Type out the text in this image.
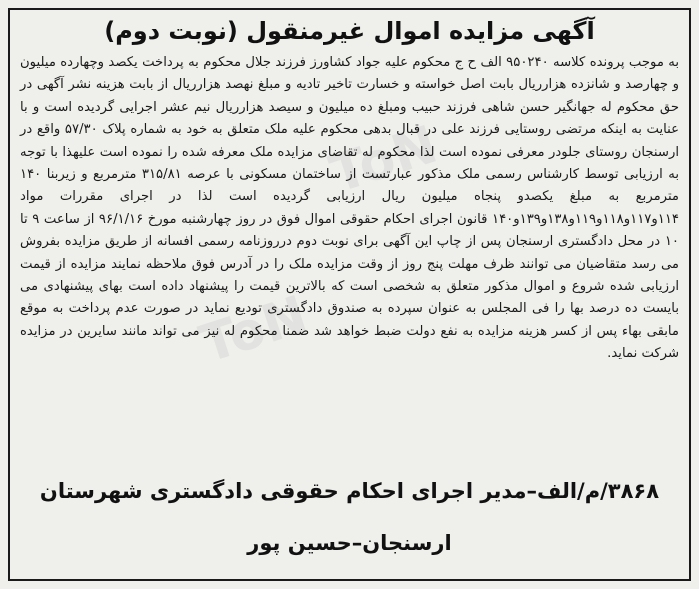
ToN
ToN
آگهی مزایده اموال غیرمنقول (نوبت دوم)

به موجب پرونده کلاسه ۹۵۰۲۴۰ الف ح ج محکوم علیه جواد کشاورز فرزند جلال محکوم به پرداخت یکصد وچهارده میلیون و چهارصد و شانزده هزارریال بابت اصل خواسته و خسارت تاخیر تادیه و مبلغ نهصد هزارریال از بابت هزینه نشر آگهی در حق محکوم له جهانگیر حسن شاهی فرزند حبیب ومبلغ ده میلیون و سیصد هزارریال نیم عشر اجرایی گردیده است و با عنایت به اینکه مرتضی روستایی فرزند علی در قبال بدهی محکوم علیه ملک متعلق به خود به شماره پلاک ۵۷/۳۰ واقع در ارسنجان روستای جلودر معرفی نموده است لذا محکوم له تقاضای مزایده ملک معرفه شده را نموده است علیهذا با توجه به ارزیابی توسط کارشناس رسمی ملک مذکور عبارتست از ساختمان مسکونی با عرصه ۳۱۵/۸۱ مترمربع و زیربنا ۱۴۰ مترمربع به مبلغ یکصدو پنجاه میلیون ریال ارزیابی گردیده است لذا در اجرای مقررات مواد ۱۱۴و۱۱۷و۱۱۸و۱۱۹و۱۳۸و۱۳۹و۱۴۰ قانون اجرای احکام حقوقی اموال فوق در روز چهارشنبه مورخ ۹۶/۱/۱۶ از ساعت ۹ تا ۱۰ در محل دادگستری ارسنجان پس از چاپ این آگهی برای نوبت دوم درروزنامه رسمی افسانه از طریق مزایده بفروش می رسد متقاضیان می توانند ظرف مهلت پنج روز از وقت مزایده ملک را در آدرس فوق ملاحظه نمایند مزایده از قیمت ارزیابی شده شروع و اموال مذکور متعلق به شخصی است که بالاترین قیمت را پیشنهاد داده است بهای پیشنهادی می بایست ده درصد بها را فی المجلس به عنوان سپرده به صندوق دادگستری تودیع نماید در صورت عدم پرداخت به موقع مابقی بهاء پس از کسر هزینه مزایده به نفع دولت ضبط خواهد شد ضمنا محکوم له نیز می تواند مانند سایرین در مزایده شرکت نماید.

۳۸۶۸/م/الف–مدیر اجرای احکام حقوقی دادگستری شهرستان
ارسنجان–حسین پور
